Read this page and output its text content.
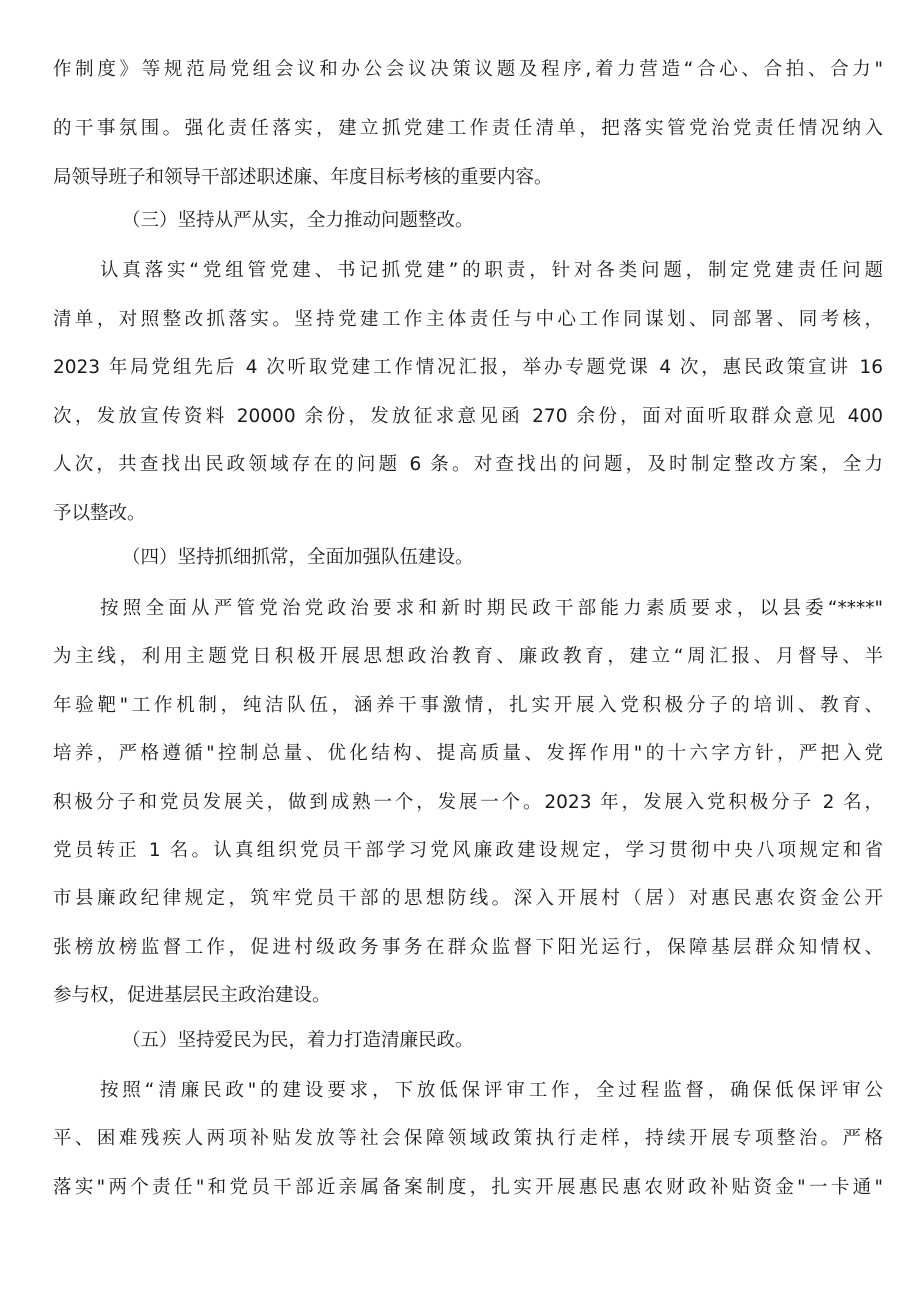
作制度》等规范局党组会议和办公会议决策议题及程序,着力营造“合心、合拍、合力"
的干事氛围。强化责任落实，建立抓党建工作责任清单，把落实管党治党责任情况纳入
局领导班子和领导干部述职述廉、年度目标考核的重要内容。
（三）坚持从严从实，全力推动问题整改。
认真落实“党组管党建、书记抓党建”的职责，针对各类问题，制定党建责任问题
清单，对照整改抓落实。坚持党建工作主体责任与中心工作同谋划、同部署、同考核，
2023 年局党组先后 4 次听取党建工作情况汇报，举办专题党课 4 次，惠民政策宣讲 16
次，发放宣传资料 20000 余份，发放征求意见函 270 余份，面对面听取群众意见 400
人次，共查找出民政领域存在的问题 6 条。对查找出的问题，及时制定整改方案，全力
予以整改。
（四）坚持抓细抓常，全面加强队伍建设。
按照全面从严管党治党政治要求和新时期民政干部能力素质要求，以县委“****"
为主线，利用主题党日积极开展思想政治教育、廉政教育，建立“周汇报、月督导、半
年验靶"工作机制，纯洁队伍，涵养干事激情，扎实开展入党积极分子的培训、教育、
培养，严格遵循"控制总量、优化结构、提高质量、发挥作用"的十六字方针，严把入党
积极分子和党员发展关，做到成熟一个，发展一个。2023 年，发展入党积极分子 2 名，
党员转正 1 名。认真组织党员干部学习党风廉政建设规定，学习贯彻中央八项规定和省
市县廉政纪律规定，筑牢党员干部的思想防线。深入开展村（居）对惠民惠农资金公开
张榜放榜监督工作，促进村级政务事务在群众监督下阳光运行，保障基层群众知情权、
参与权，促进基层民主政治建设。
（五）坚持爱民为民，着力打造清廉民政。
按照“清廉民政"的建设要求，下放低保评审工作，全过程监督，确保低保评审公
平、困难残疾人两项补贴发放等社会保障领域政策执行走样，持续开展专项整治。严格
落实"两个责任"和党员干部近亲属备案制度，扎实开展惠民惠农财政补贴资金"一卡通"
